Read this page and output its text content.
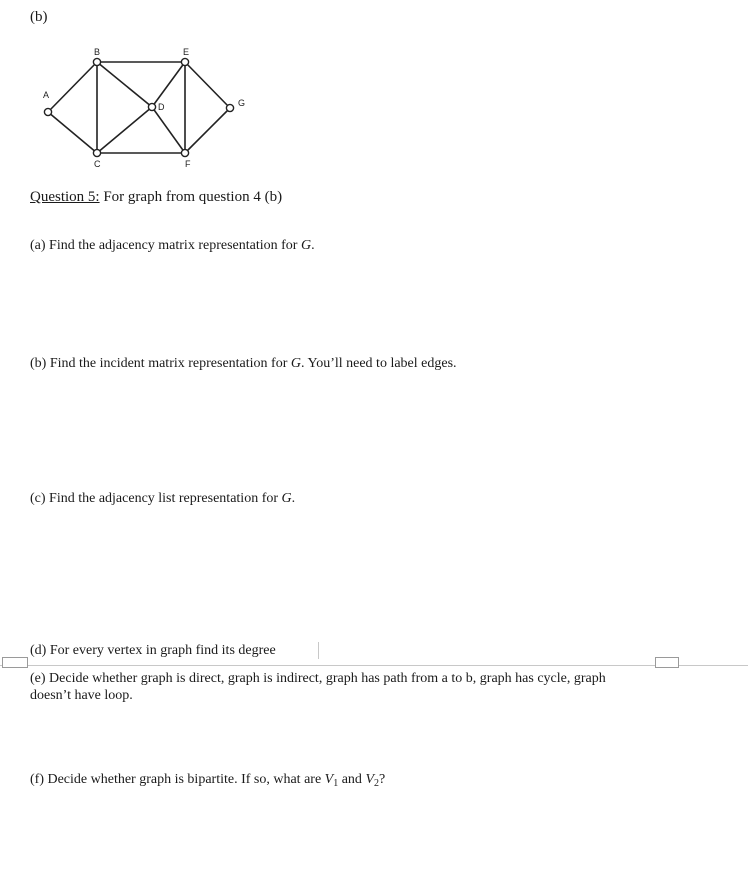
(b)
A
B
C
D
E
F
G
Question 5: For graph from question 4 (b)
(a) Find the adjacency matrix representation for G.
(b) Find the incident matrix representation for G. You’ll need to label edges.
(c) Find the adjacency list representation for G.
(d) For every vertex in graph find its degree
(e) Decide whether graph is direct, graph is indirect, graph has path from a to b, graph has cycle, graph
doesn’t have loop.
(f) Decide whether graph is bipartite. If so, what are $V_1$ and $V_2$?
